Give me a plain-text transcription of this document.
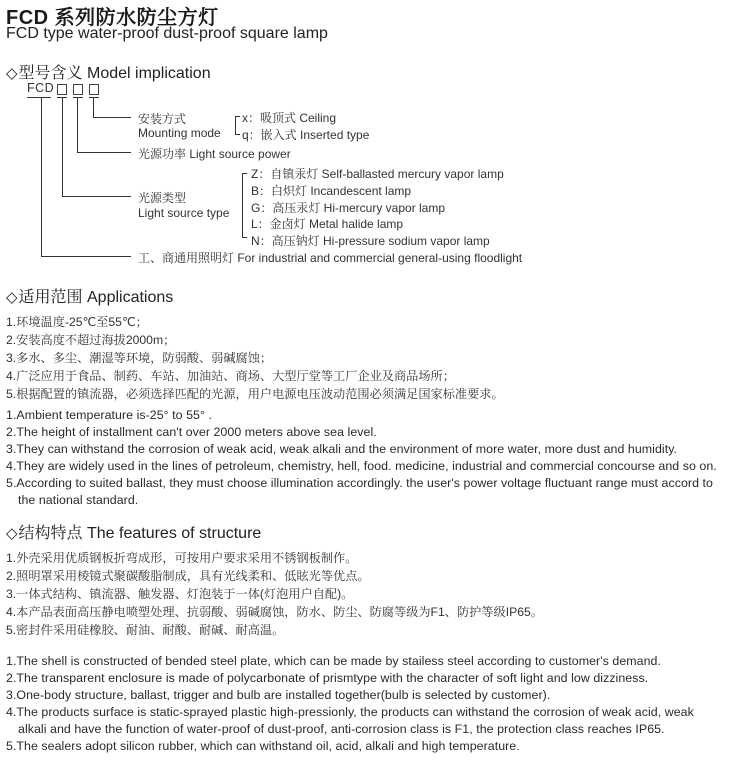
FCD 系列防水防尘方灯
FCD type water-proof dust-proof square lamp
◇型号含义 Model implication
FCD
安装方式
Mounting mode
x：吸顶式 Ceiling
q：嵌入式 Inserted type
光源功率 Light source power
光源类型
Light source type
Z：自镇汞灯 Self-ballasted mercury vapor lamp
B：白炽灯 Incandescent lamp
G：高压汞灯 Hi-mercury vapor lamp
L：金卤灯 Metal halide lamp
N：高压钠灯 Hi-pressure sodium vapor lamp
工、商通用照明灯 For industrial and commercial general-using floodlight
◇适用范围 Applications
1.环境温度-25℃至55℃；
2.安装高度不超过海拔2000m；
3.多水、多尘、潮湿等环境，防弱酸、弱碱腐蚀；
4.广泛应用于食品、制药、车站、加油站、商场、大型厅堂等工厂企业及商品场所；
5.根据配置的镇流器，必须选择匹配的光源，用户电源电压波动范围必须满足国家标准要求。
1.Ambient temperature is-25° to 55° .
2.The height of installment can't over 2000 meters above sea level.
3.They can withstand the corrosion of weak acid, weak alkali and the environment of more water, more dust and humidity.
4.They are widely used in the lines of petroleum, chemistry, hell, food. medicine, industrial and commercial concourse and so on.
5.According to suited ballast, they must choose illumination accordingly. the user's power voltage fluctuant range must accord to
the national standard.
◇结构特点 The features of structure
1.外壳采用优质钢板折弯成形，可按用户要求采用不锈钢板制作。
2.照明罩采用棱镜式聚碳酸脂制成，具有光线柔和、低眩光等优点。
3.一体式结构、镇流器、触发器、灯泡装于一体(灯泡用户自配)。
4.本产品表面高压静电喷塑处理、抗弱酸、弱碱腐蚀，防水、防尘、防腐等级为F1、防护等级IP65。
5.密封件采用硅橡胶、耐油、耐酸、耐碱、耐高温。
1.The shell is constructed of bended steel plate, which can be made by stailess steel according to customer's demand.
2.The transparent enclosure is made of polycarbonate of prismtype with the character of soft light and low dizziness.
3.One-body structure, ballast, trigger and bulb are installed together(bulb is selected by customer).
4.The products surface is static-sprayed plastic high-pressionly, the products can withstand the corrosion of weak acid, weak
alkali and have the function of water-proof of dust-proof, anti-corrosion class is F1, the protection class reaches IP65.
5.The sealers adopt silicon rubber, which can withstand oil, acid, alkali and high temperature.
